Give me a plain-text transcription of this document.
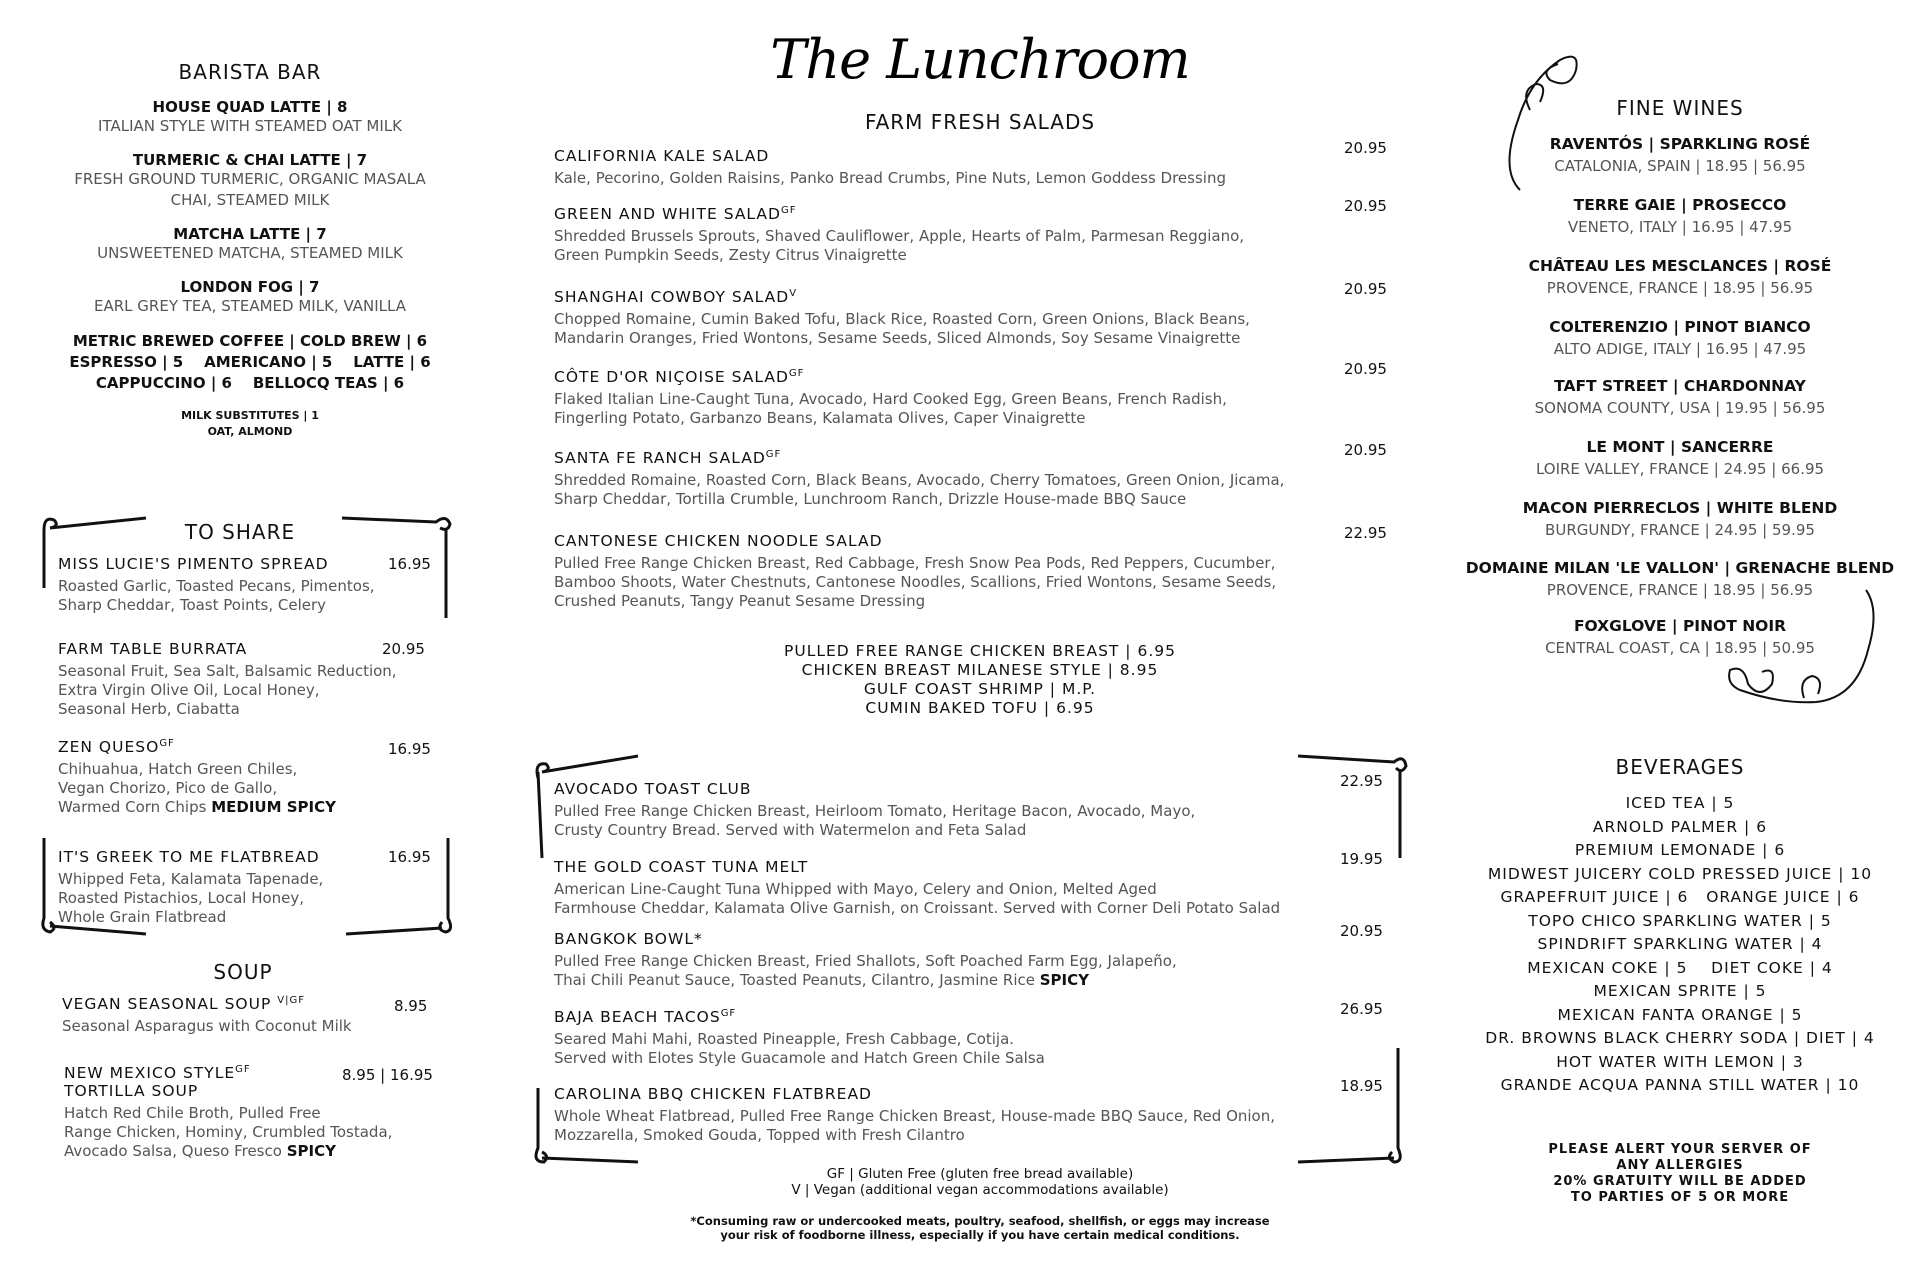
BARISTA BAR
HOUSE QUAD LATTE | 8
ITALIAN STYLE WITH STEAMED OAT MILK
TURMERIC & CHAI LATTE | 7
FRESH GROUND TURMERIC, ORGANIC MASALA
CHAI, STEAMED MILK
MATCHA LATTE | 7
UNSWEETENED MATCHA, STEAMED MILK
LONDON FOG | 7
EARL GREY TEA, STEAMED MILK, VANILLA
METRIC BREWED COFFEE | COLD BREW | 6
ESPRESSO | 5    AMERICANO | 5    LATTE | 6
CAPPUCCINO | 6    BELLOCQ TEAS | 6
MILK SUBSTITUTES | 1
OAT, ALMOND
TO SHARE
MISS LUCIE'S PIMENTO SPREAD	16.95
Roasted Garlic, Toasted Pecans, Pimentos,
Sharp Cheddar, Toast Points, Celery
FARM TABLE BURRATA	20.95
Seasonal Fruit, Sea Salt, Balsamic Reduction,
Extra Virgin Olive Oil, Local Honey,
Seasonal Herb, Ciabatta
ZEN $QUESO^{GF}$	16.95
Chihuahua, Hatch Green Chiles,
Vegan Chorizo, Pico de Gallo,
Warmed Corn Chips MEDIUM SPICY
IT'S GREEK TO ME FLATBREAD	16.95
Whipped Feta, Kalamata Tapenade,
Roasted Pistachios, Local Honey,
Whole Grain Flatbread
SOUP
VEGAN SEASONAL SOUP $^{V|GF}$	8.95
Seasonal Asparagus with Coconut Milk
NEW MEXICO $STYLE^{GF}$
TORTILLA SOUP
8.95 | 16.95
Hatch Red Chile Broth, Pulled Free
Range Chicken, Hominy, Crumbled Tostada,
Avocado Salsa, Queso Fresco SPICY
The Lunchroom
FARM FRESH SALADS
CALIFORNIA KALE SALAD	20.95
Kale, Pecorino, Golden Raisins, Panko Bread Crumbs, Pine Nuts, Lemon Goddess Dressing
GREEN AND WHITE $SALAD^{GF}$	20.95
Shredded Brussels Sprouts, Shaved Cauliflower, Apple, Hearts of Palm, Parmesan Reggiano,
Green Pumpkin Seeds, Zesty Citrus Vinaigrette
SHANGHAI COWBOY $SALAD^V$	20.95
Chopped Romaine, Cumin Baked Tofu, Black Rice, Roasted Corn, Green Onions, Black Beans,
Mandarin Oranges, Fried Wontons, Sesame Seeds, Sliced Almonds, Soy Sesame Vinaigrette
CÔTE D'OR NIÇOISE $SALAD^{GF}$	20.95
Flaked Italian Line-Caught Tuna, Avocado, Hard Cooked Egg, Green Beans, French Radish,
Fingerling Potato, Garbanzo Beans, Kalamata Olives, Caper Vinaigrette
SANTA FE RANCH $SALAD^{GF}$	20.95
Shredded Romaine, Roasted Corn, Black Beans, Avocado, Cherry Tomatoes, Green Onion, Jicama,
Sharp Cheddar, Tortilla Crumble, Lunchroom Ranch, Drizzle House-made BBQ Sauce
CANTONESE CHICKEN NOODLE SALAD	22.95
Pulled Free Range Chicken Breast, Red Cabbage, Fresh Snow Pea Pods, Red Peppers, Cucumber,
Bamboo Shoots, Water Chestnuts, Cantonese Noodles, Scallions, Fried Wontons, Sesame Seeds,
Crushed Peanuts, Tangy Peanut Sesame Dressing
PULLED FREE RANGE CHICKEN BREAST | 6.95
CHICKEN BREAST MILANESE STYLE | 8.95
GULF COAST SHRIMP | M.P.
CUMIN BAKED TOFU | 6.95
AVOCADO TOAST CLUB	22.95
Pulled Free Range Chicken Breast, Heirloom Tomato, Heritage Bacon, Avocado, Mayo,
Crusty Country Bread. Served with Watermelon and Feta Salad
THE GOLD COAST TUNA MELT	19.95
American Line-Caught Tuna Whipped with Mayo, Celery and Onion, Melted Aged
Farmhouse Cheddar, Kalamata Olive Garnish, on Croissant. Served with Corner Deli Potato Salad
BANGKOK BOWL*	20.95
Pulled Free Range Chicken Breast, Fried Shallots, Soft Poached Farm Egg, Jalapeño,
Thai Chili Peanut Sauce, Toasted Peanuts, Cilantro, Jasmine Rice SPICY
BAJA BEACH $TACOS^{GF}$	26.95
Seared Mahi Mahi, Roasted Pineapple, Fresh Cabbage, Cotija.
Served with Elotes Style Guacamole and Hatch Green Chile Salsa
CAROLINA BBQ CHICKEN FLATBREAD	18.95
Whole Wheat Flatbread, Pulled Free Range Chicken Breast, House-made BBQ Sauce, Red Onion,
Mozzarella, Smoked Gouda, Topped with Fresh Cilantro
GF | Gluten Free (gluten free bread available)
V | Vegan (additional vegan accommodations available)
*Consuming raw or undercooked meats, poultry, seafood, shellfish, or eggs may increase
your risk of foodborne illness, especially if you have certain medical conditions.
FINE WINES
RAVENTÓS | SPARKLING ROSÉ
CATALONIA, SPAIN | 18.95 | 56.95
TERRE GAIE | PROSECCO
VENETO, ITALY | 16.95 | 47.95
CHÂTEAU LES MESCLANCES | ROSÉ
PROVENCE, FRANCE | 18.95 | 56.95
COLTERENZIO | PINOT BIANCO
ALTO ADIGE, ITALY | 16.95 | 47.95
TAFT STREET | CHARDONNAY
SONOMA COUNTY, USA | 19.95 | 56.95
LE MONT | SANCERRE
LOIRE VALLEY, FRANCE | 24.95 | 66.95
MACON PIERRECLOS | WHITE BLEND
BURGUNDY, FRANCE | 24.95 | 59.95
DOMAINE MILAN 'LE VALLON' | GRENACHE BLEND
PROVENCE, FRANCE | 18.95 | 56.95
FOXGLOVE | PINOT NOIR
CENTRAL COAST, CA | 18.95 | 50.95
BEVERAGES
ICED TEA | 5
ARNOLD PALMER | 6
PREMIUM LEMONADE | 6
MIDWEST JUICERY COLD PRESSED JUICE | 10
GRAPEFRUIT JUICE | 6   ORANGE JUICE | 6
TOPO CHICO SPARKLING WATER | 5
SPINDRIFT SPARKLING WATER | 4
MEXICAN COKE | 5    DIET COKE | 4
MEXICAN SPRITE | 5
MEXICAN FANTA ORANGE | 5
DR. BROWNS BLACK CHERRY SODA | DIET | 4
HOT WATER WITH LEMON | 3
GRANDE ACQUA PANNA STILL WATER | 10
PLEASE ALERT YOUR SERVER OF
ANY ALLERGIES
20% GRATUITY WILL BE ADDED
TO PARTIES OF 5 OR MORE
